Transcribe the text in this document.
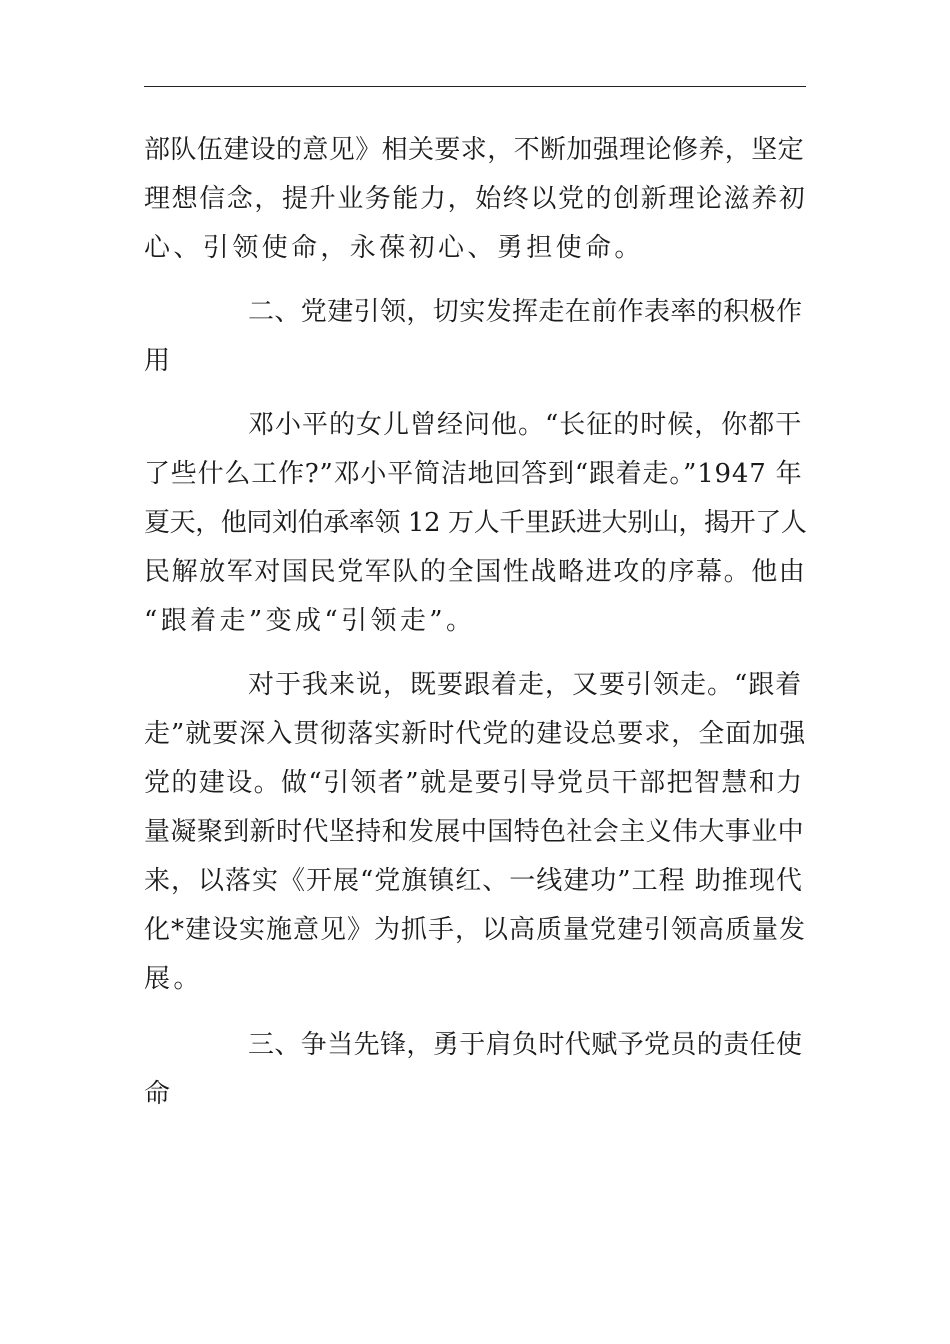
部队伍建设的意见》相关要求，不断加强理论修养，坚定
理想信念，提升业务能力，始终以党的创新理论滋养初
心、引领使命，永葆初心、勇担使命。
二、党建引领，切实发挥走在前作表率的积极作
用
邓小平的女儿曾经问他。“长征的时候，你都干
了些什么工作?”邓小平简洁地回答到“跟着走。”1947 年
夏天，他同刘伯承率领 12 万人千里跃进大别山，揭开了人
民解放军对国民党军队的全国性战略进攻的序幕。他由
“跟着走”变成“引领走”。
对于我来说，既要跟着走，又要引领走。“跟着
走”就要深入贯彻落实新时代党的建设总要求，全面加强
党的建设。做“引领者”就是要引导党员干部把智慧和力
量凝聚到新时代坚持和发展中国特色社会主义伟大事业中
来，以落实《开展“党旗镇红、一线建功”工程 助推现代
化*建设实施意见》为抓手，以高质量党建引领高质量发
展。
三、争当先锋，勇于肩负时代赋予党员的责任使
命
